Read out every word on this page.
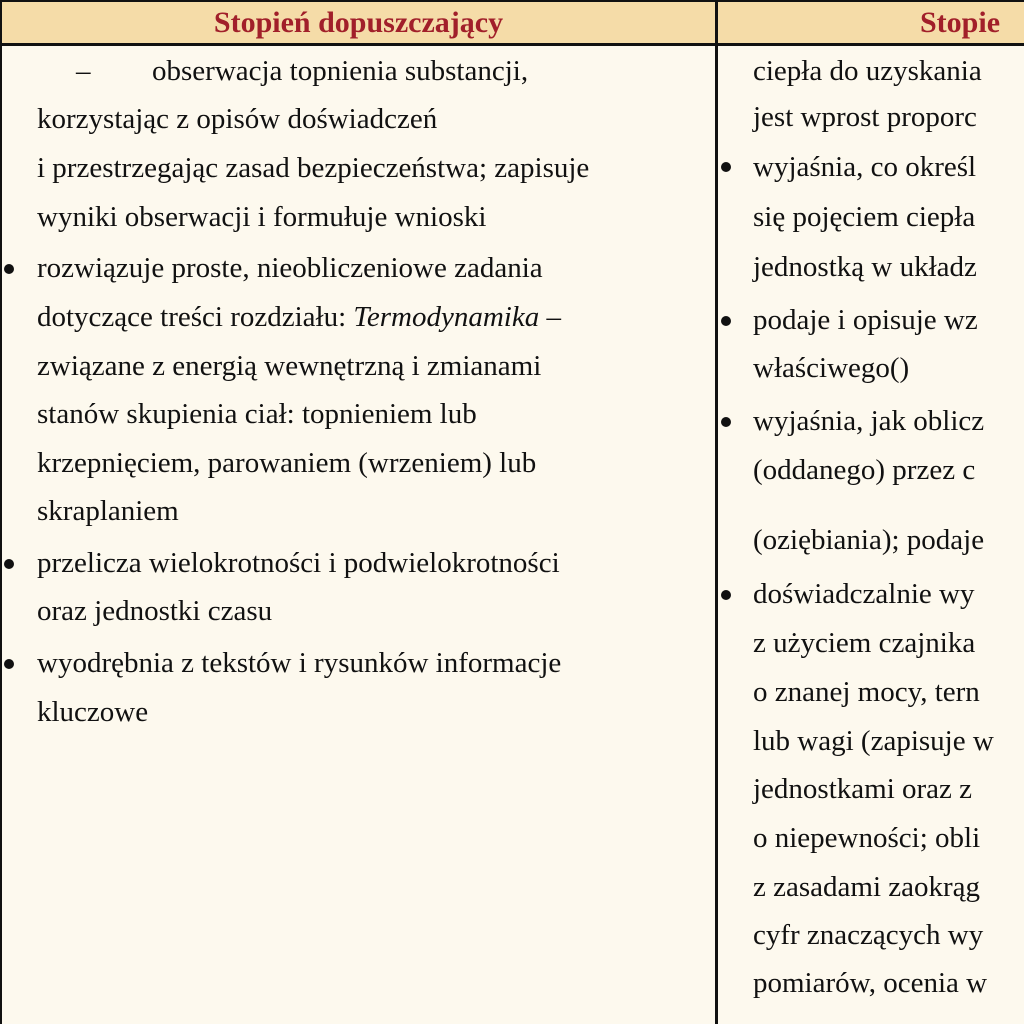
Stopień dopuszczający	Stopie
– obserwacja topnienia substancji,
korzystając z opisów doświadczeń
i przestrzegając zasad bezpieczeństwa; zapisuje
wyniki obserwacji i formułuje wnioski
rozwiązuje proste, nieobliczeniowe zadania
dotyczące treści rozdziału: Termodynamika –
związane z energią wewnętrzną i zmianami
stanów skupienia ciał: topnieniem lub
krzepnięciem, parowaniem (wrzeniem) lub
skraplaniem
przelicza wielokrotności i podwielokrotności
oraz jednostki czasu
wyodrębnia z tekstów i rysunków informacje
kluczowe
ciepła do uzyskania
jest wprost proporc
wyjaśnia, co określ
się pojęciem ciepła
jednostką w układz
podaje i opisuje wz
właściwego()
wyjaśnia, jak oblicz
(oddanego) przez c
(oziębiania); podaje
doświadczalnie wy
z użyciem czajnika
o znanej mocy, tern
lub wagi (zapisuje w
jednostkami oraz z
o niepewności; obli
z zasadami zaokrąg
cyfr znaczących wy
pomiarów, ocenia w
